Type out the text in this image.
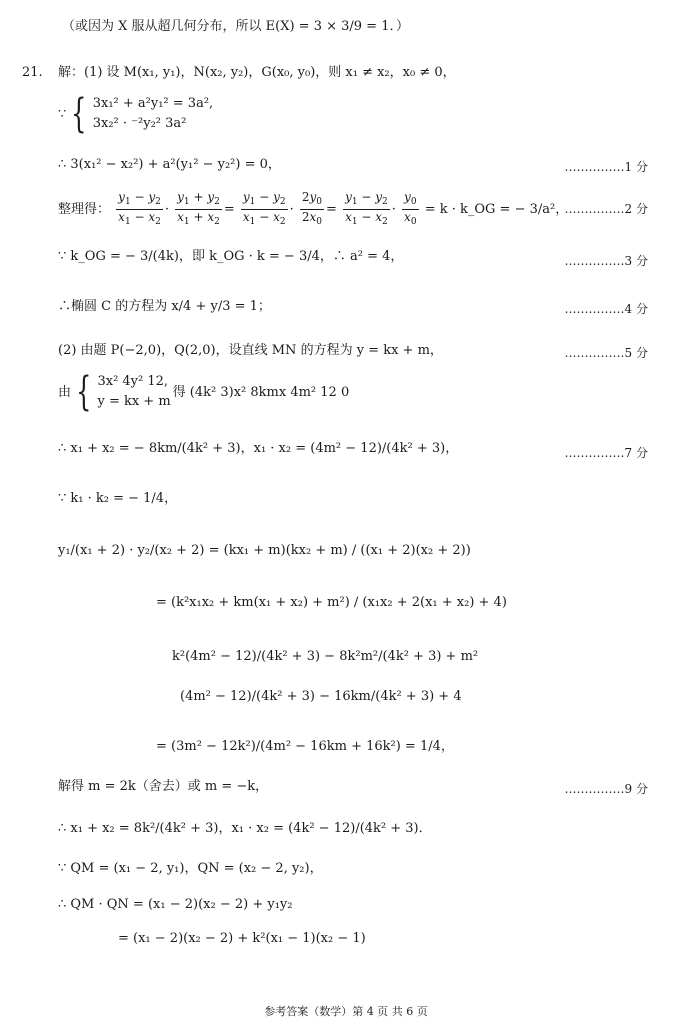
（或因为 X 服从超几何分布，所以 E(X) = 3 × 3/9 = 1．）
21. 解：(1) 设 M(x₁, y₁)，N(x₂, y₂)，G(x₀, y₀)，则 x₁ ≠ x₂，x₀ ≠ 0，
∵ { 3x₁² + a²y₁² = 3a²,
3x₂² · ⁻²y₂² 3a²
∴ 3(x₁² − x₂²) + a²(y₁² − y₂²) = 0，	……………1 分
整理得： $\frac{y_1 - y_2}{x_1 - x_2} \cdot \frac{y_1 + y_2}{x_1 + x_2} = \frac{y_1 - y_2}{x_1 - x_2} \cdot \frac{2y_0}{2x_0} = \frac{y_1 - y_2}{x_1 - x_2} \cdot \frac{y_0}{x_0} = k$ · k_OG = − 3/a²，
……………2 分
∵ k_OG = − 3/(4k)，即 k_OG · k = − 3/4，∴ a² = 4，	……………3 分
∴椭圆 C 的方程为 x/4 + y/3 = 1；	……………4 分
(2) 由题 P(−2,0)，Q(2,0)，设直线 MN 的方程为 y = kx + m，	……………5 分
由 { 3x² 4y² 12,
y = kx + m
得 (4k² 3)x² 8kmx 4m² 12 0
∴ x₁ + x₂ = − 8km/(4k² + 3)，x₁ · x₂ = (4m² − 12)/(4k² + 3)，	……………7 分
∵ k₁ · k₂ = − 1/4，
y₁/(x₁ + 2) · y₂/(x₂ + 2) = (kx₁ + m)(kx₂ + m) / ((x₁ + 2)(x₂ + 2))
= (k²x₁x₂ + km(x₁ + x₂) + m²) / (x₁x₂ + 2(x₁ + x₂) + 4)
k²(4m² − 12)/(4k² + 3) − 8k²m²/(4k² + 3) + m²
(4m² − 12)/(4k² + 3) − 16km/(4k² + 3) + 4
= (3m² − 12k²)/(4m² − 16km + 16k²) = 1/4，
解得 m = 2k（舍去）或 m = −k，	……………9 分
∴ x₁ + x₂ = 8k²/(4k² + 3)，x₁ · x₂ = (4k² − 12)/(4k² + 3)．
∵ QM = (x₁ − 2, y₁)，QN = (x₂ − 2, y₂)，
∴ QM · QN = (x₁ − 2)(x₂ − 2) + y₁y₂
= (x₁ − 2)(x₂ − 2) + k²(x₁ − 1)(x₂ − 1)
参考答案（数学）第 4 页 共 6 页
